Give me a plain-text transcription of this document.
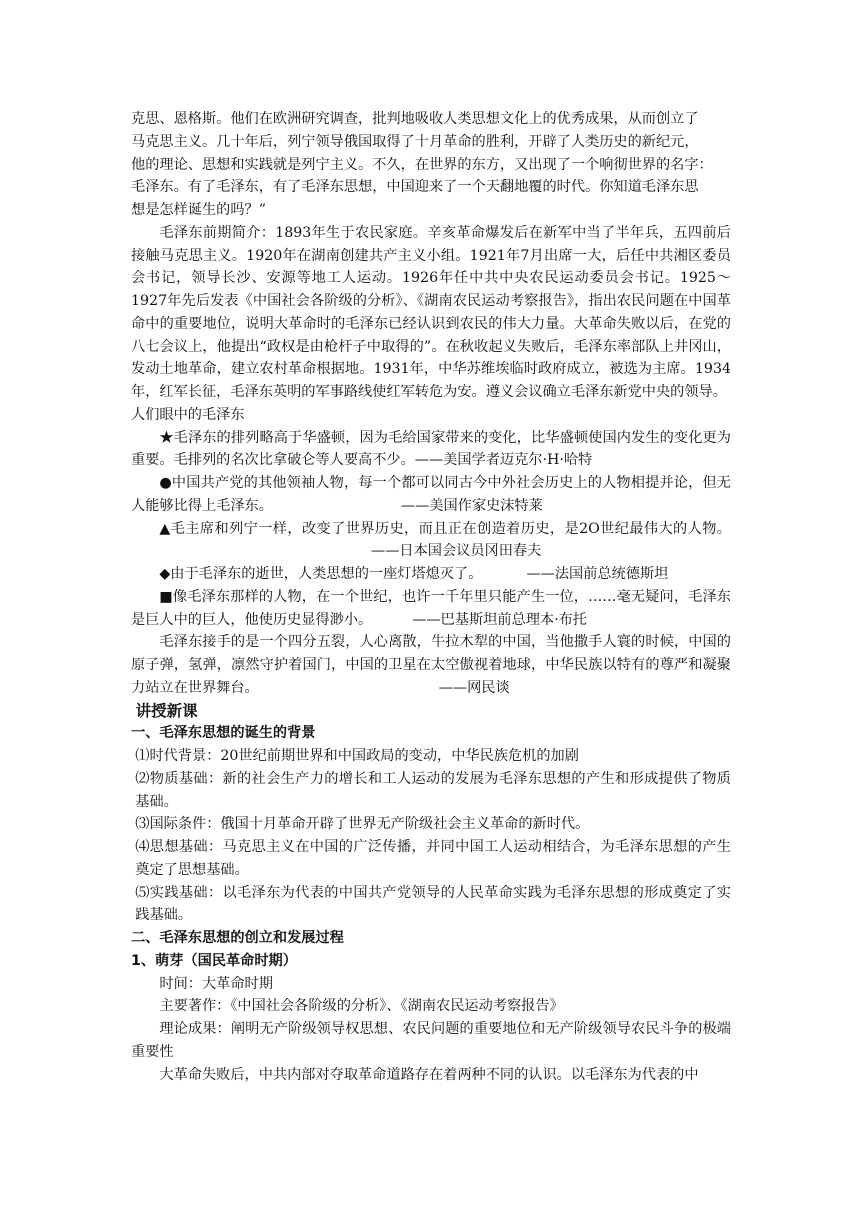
克思、恩格斯。他们在欧洲研究调查，批判地吸收人类思想文化上的优秀成果，从而创立了

马克思主义。几十年后，列宁领导俄国取得了十月革命的胜利，开辟了人类历史的新纪元，

他的理论、思想和实践就是列宁主义。不久，在世界的东方，又出现了一个响彻世界的名字：

毛泽东。有了毛泽东，有了毛泽东思想，中国迎来了一个天翻地覆的时代。你知道毛泽东思

想是怎样诞生的吗？”

毛泽东前期简介：1893年生于农民家庭。辛亥革命爆发后在新军中当了半年兵，五四前后接触马克思主义。1920年在湖南创建共产主义小组。1921年7月出席一大，后任中共湘区委员会书记，领导长沙、安源等地工人运动。1926年任中共中央农民运动委员会书记。1925～1927年先后发表《中国社会各阶级的分析》、《湖南农民运动考察报告》，指出农民问题在中国革命中的重要地位，说明大革命时的毛泽东已经认识到农民的伟大力量。大革命失败以后，在党的八七会议上，他提出“政权是由枪杆子中取得的”。在秋收起义失败后，毛泽东率部队上井冈山，发动土地革命，建立农村革命根据地。1931年，中华苏维埃临时政府成立，被选为主席。1934年，红军长征，毛泽东英明的军事路线使红军转危为安。遵义会议确立毛泽东新党中央的领导。

人们眼中的毛泽东

★毛泽东的排列略高于华盛顿，因为毛给国家带来的变化，比华盛顿使国内发生的变化更为重要。毛排列的名次比拿破仑等人要高不少。——美国学者迈克尔·H·哈特

●中国共产党的其他领袖人物，每一个都可以同古今中外社会历史上的人物相提并论，但无人能够比得上毛泽东。	——美国作家史沫特莱

▲毛主席和列宁一样，改变了世界历史，而且正在创造着历史，是2O世纪最伟大的人物。——日本国会议员冈田春夫

◆由于毛泽东的逝世，人类思想的一座灯塔熄灭了。	——法国前总统德斯坦

■像毛泽东那样的人物，在一个世纪，也许一千年里只能产生一位，……毫无疑问，毛泽东是巨人中的巨人，他使历史显得渺小。	——巴基斯坦前总理本·布托

毛泽东接手的是一个四分五裂，人心离散，牛拉木犁的中国，当他撒手人寰的时候，中国的原子弹，氢弹，凛然守护着国门，中国的卫星在太空傲视着地球，中华民族以特有的尊严和凝聚力站立在世界舞台。	——网民谈

讲授新课

一、毛泽东思想的诞生的背景

⑴时代背景：20世纪前期世界和中国政局的变动，中华民族危机的加剧

⑵物质基础：新的社会生产力的增长和工人运动的发展为毛泽东思想的产生和形成提供了物质基础。

⑶国际条件：俄国十月革命开辟了世界无产阶级社会主义革命的新时代。

⑷思想基础：马克思主义在中国的广泛传播，并同中国工人运动相结合，为毛泽东思想的产生奠定了思想基础。

⑸实践基础：以毛泽东为代表的中国共产党领导的人民革命实践为毛泽东思想的形成奠定了实践基础。

二、毛泽东思想的创立和发展过程

1、萌芽（国民革命时期）

时间：大革命时期

主要著作：《中国社会各阶级的分析》、《湖南农民运动考察报告》

理论成果：阐明无产阶级领导权思想、农民问题的重要地位和无产阶级领导农民斗争的极端重要性

大革命失败后，中共内部对夺取革命道路存在着两种不同的认识。以毛泽东为代表的中
